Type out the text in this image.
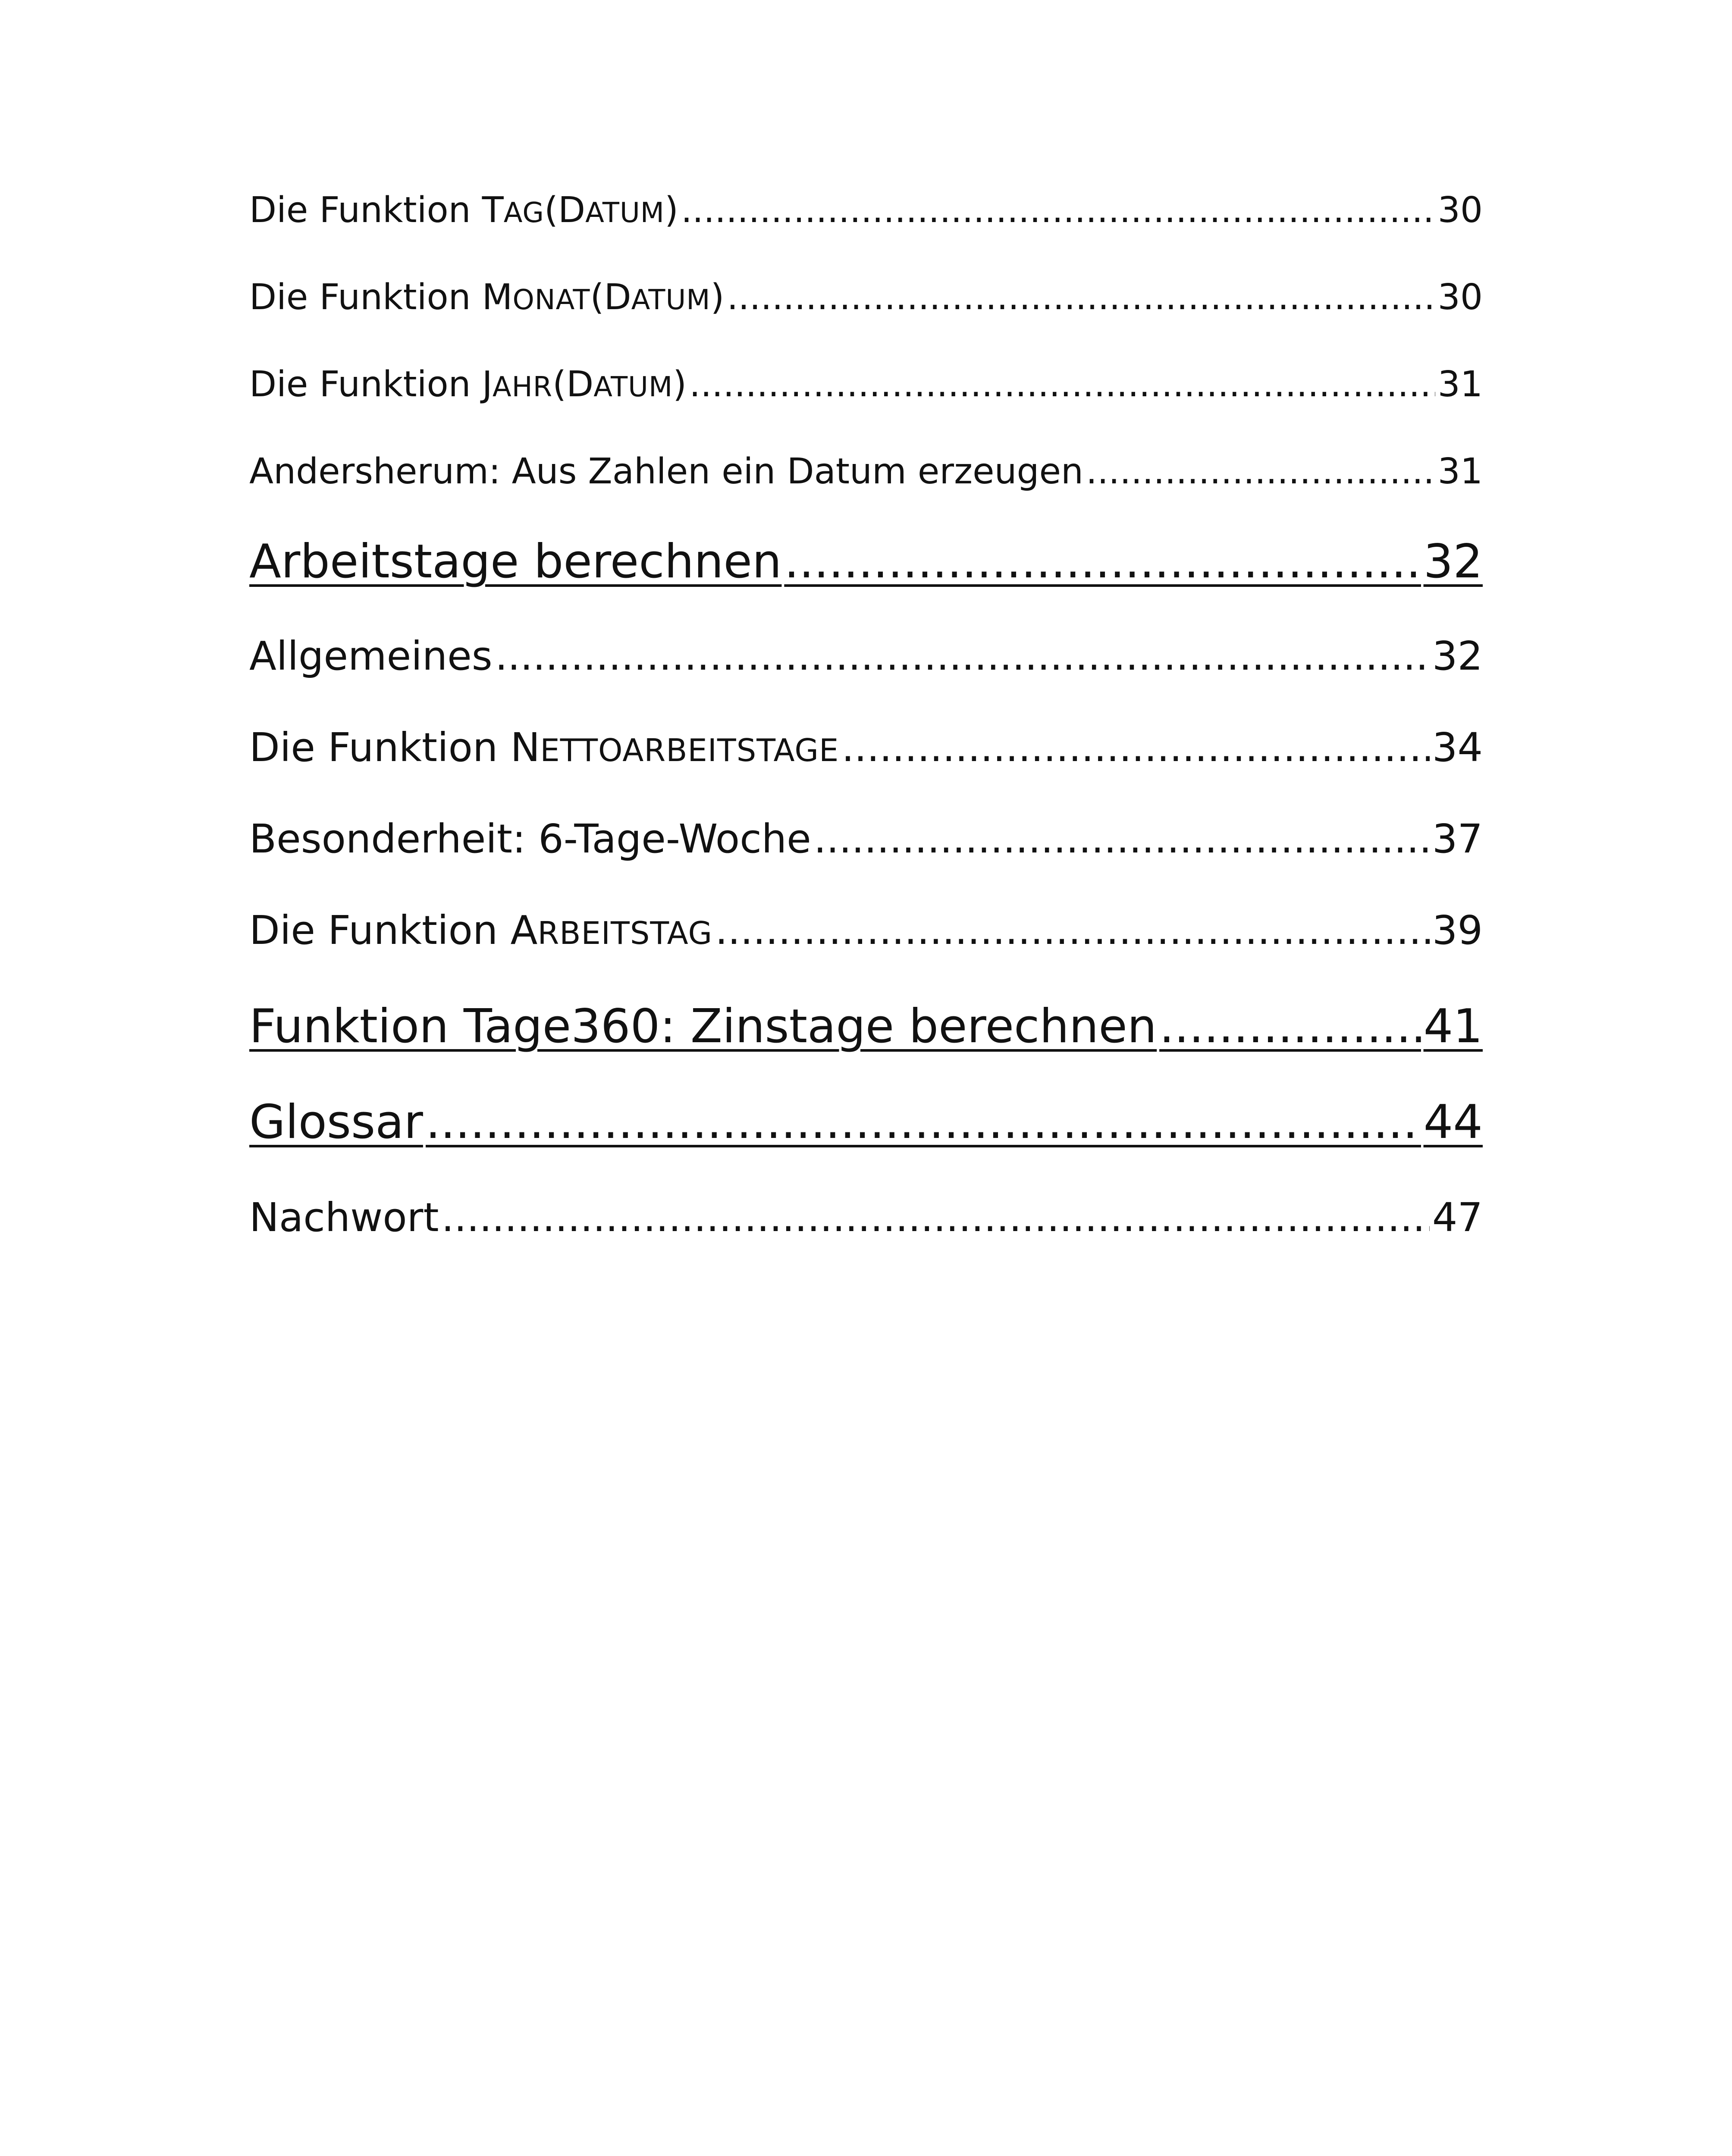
Die Funktion TAG(DATUM) .....	30
Die Funktion MONAT(DATUM) .....	30
Die Funktion JAHR(DATUM) .....	31
Andersherum: Aus Zahlen ein Datum erzeugen .....	31
Arbeitstage berechnen .....	32
Allgemeines .....	32
Die Funktion NETTOARBEITSTAGE .....	34
Besonderheit: 6-Tage-Woche .....	37
Die Funktion ARBEITSTAG .....	39
Funktion Tage360: Zinstage berechnen .....	41
Glossar .....	44
Nachwort .....	47
